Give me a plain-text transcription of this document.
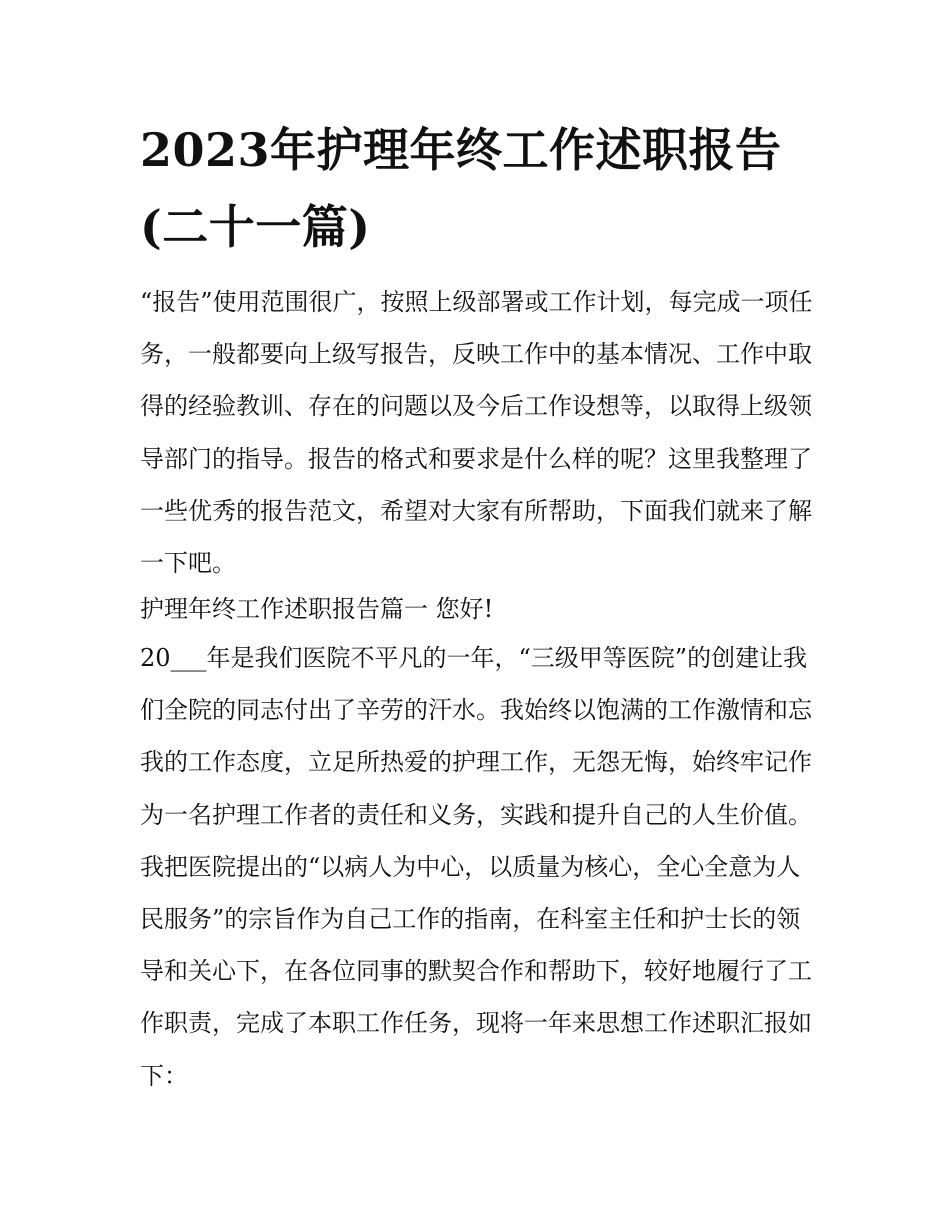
2023年护理年终工作述职报告
(二十一篇)

“报告”使用范围很广，按照上级部署或工作计划，每完成一项任务，一般都要向上级写报告，反映工作中的基本情况、工作中取得的经验教训、存在的问题以及今后工作设想等，以取得上级领导部门的指导。报告的格式和要求是什么样的呢？这里我整理了一些优秀的报告范文，希望对大家有所帮助，下面我们就来了解一下吧。

护理年终工作述职报告篇一 您好!

20___年是我们医院不平凡的一年，“三级甲等医院”的创建让我们全院的同志付出了辛劳的汗水。我始终以饱满的工作激情和忘我的工作态度，立足所热爱的护理工作，无怨无悔，始终牢记作为一名护理工作者的责任和义务，实践和提升自己的人生价值。我把医院提出的“以病人为中心，以质量为核心，全心全意为人民服务”的宗旨作为自己工作的指南，在科室主任和护士长的领导和关心下，在各位同事的默契合作和帮助下，较好地履行了工作职责，完成了本职工作任务，现将一年来思想工作述职汇报如下：
